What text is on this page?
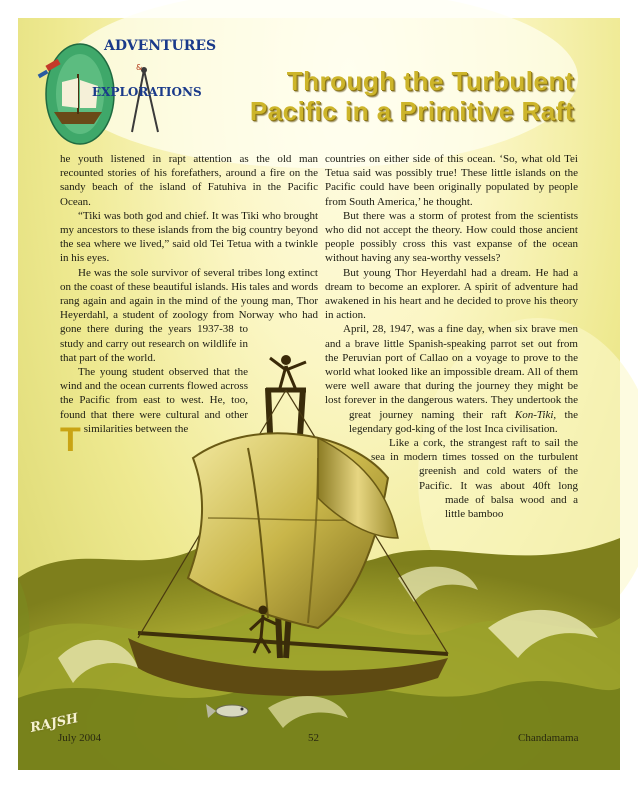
ADVENTURES
&
EXPLORATIONS	Through the Turbulent
Pacific in a Primitive Raft

T
he youth listened in rapt attention as the old man recounted stories of his forefathers, around a fire on the sandy beach of the island of Fatuhiva in the Pacific Ocean.

“Tiki was both god and chief. It was Tiki who brought my ancestors to these islands from the big country beyond the sea where we lived,” said old Tei Tetua with a twinkle in his eyes.

He was the sole survivor of several tribes long extinct on the coast of these beautiful islands. His tales and words rang again and again in the mind of the young man, Thor Heyerdahl, a student of zoology from Norway who had gone there during the years 1937-38 to study and carry out research on wildlife in that part of the world.

The young student observed that the wind and the ocean currents flowed across the Pacific from east to west. He, too, found that there were cultural and other similarities between the

countries on either side of this ocean. ‘So, what old Tei Tetua said was possibly true! These little islands on the Pacific could have been originally populated by people from South America,’ he thought.

But there was a storm of protest from the scientists who did not accept the theory. How could those ancient people possibly cross this vast expanse of the ocean without having any sea-worthy vessels?

But young Thor Heyerdahl had a dream. He had a dream to become an explorer. A spirit of adventure had awakened in his heart and he decided to prove his theory in action.

April, 28, 1947, was a fine day, when six brave men and a brave little Spanish-speaking parrot set out from the Peruvian port of Callao on a voyage to prove to the world what looked like an impossible dream. All of them were well aware that during the journey they might be lost forever in the dangerous waters. They undertook the great journey naming their raft Kon-Tiki, the legendary god-king of the lost Inca civilisation.

Like a cork, the strangest raft to sail the sea in modern times tossed on the turbulent greenish and cold waters of the Pacific. It was about 40ft long made of balsa wood and a little bamboo

RAJSH
July 2004	52	Chandamama
